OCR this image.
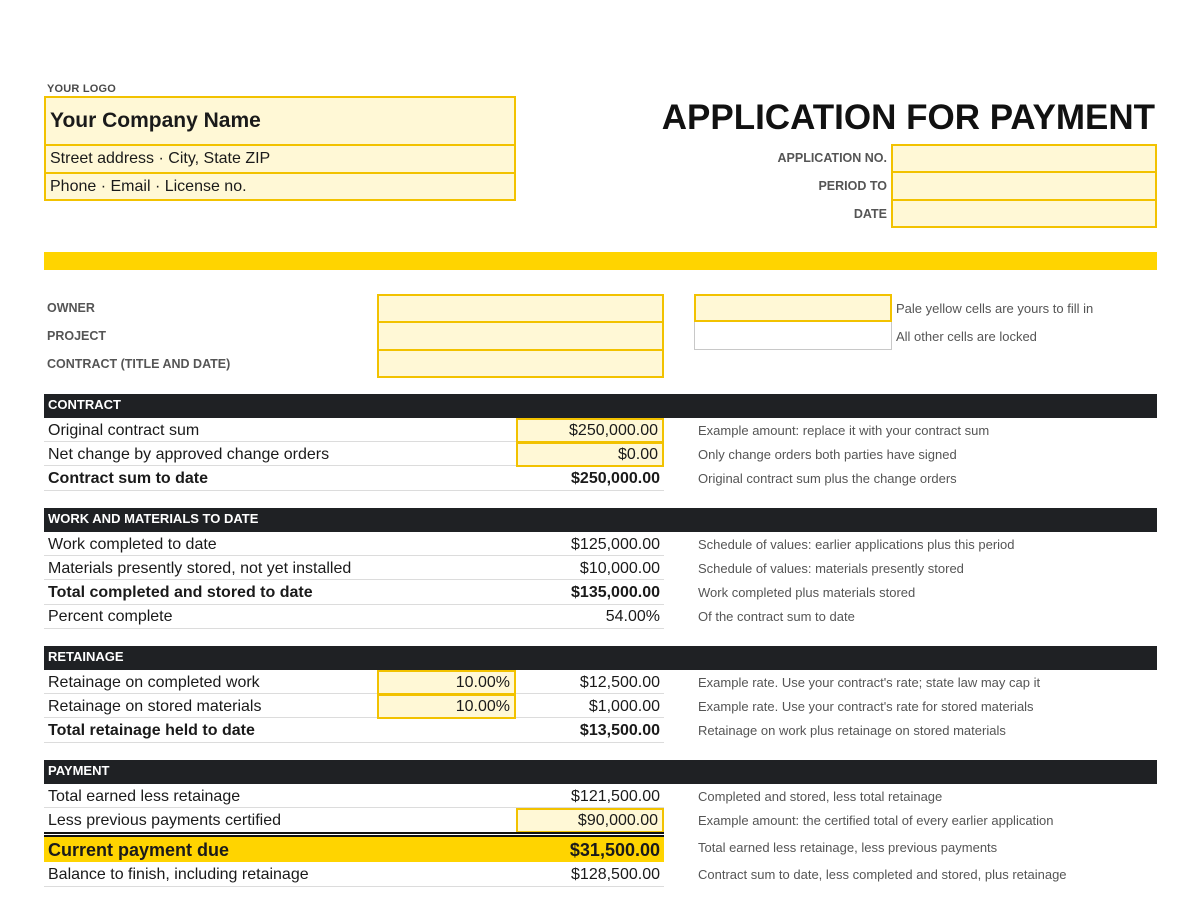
YOUR LOGO
Your Company Name
Street address · City, State ZIP
Phone · Email · License no.
APPLICATION FOR PAYMENT
APPLICATION NO.
PERIOD TO
DATE
OWNER
PROJECT
CONTRACT (TITLE AND DATE)
Pale yellow cells are yours to fill in
All other cells are locked
CONTRACT
Original contract sum	$250,000.00	Example amount: replace it with your contract sum
Net change by approved change orders	$0.00	Only change orders both parties have signed
Contract sum to date	$250,000.00	Original contract sum plus the change orders
WORK AND MATERIALS TO DATE
Work completed to date	$125,000.00	Schedule of values: earlier applications plus this period
Materials presently stored, not yet installed	$10,000.00	Schedule of values: materials presently stored
Total completed and stored to date	$135,000.00	Work completed plus materials stored
Percent complete	54.00%	Of the contract sum to date
RETAINAGE
Retainage on completed work	10.00%	$12,500.00	Example rate. Use your contract's rate; state law may cap it
Retainage on stored materials	10.00%	$1,000.00	Example rate. Use your contract's rate for stored materials
Total retainage held to date	$13,500.00	Retainage on work plus retainage on stored materials
PAYMENT
Total earned less retainage	$121,500.00	Completed and stored, less total retainage
Less previous payments certified	$90,000.00	Example amount: the certified total of every earlier application
Current payment due	$31,500.00	Total earned less retainage, less previous payments
Balance to finish, including retainage	$128,500.00	Contract sum to date, less completed and stored, plus retainage
